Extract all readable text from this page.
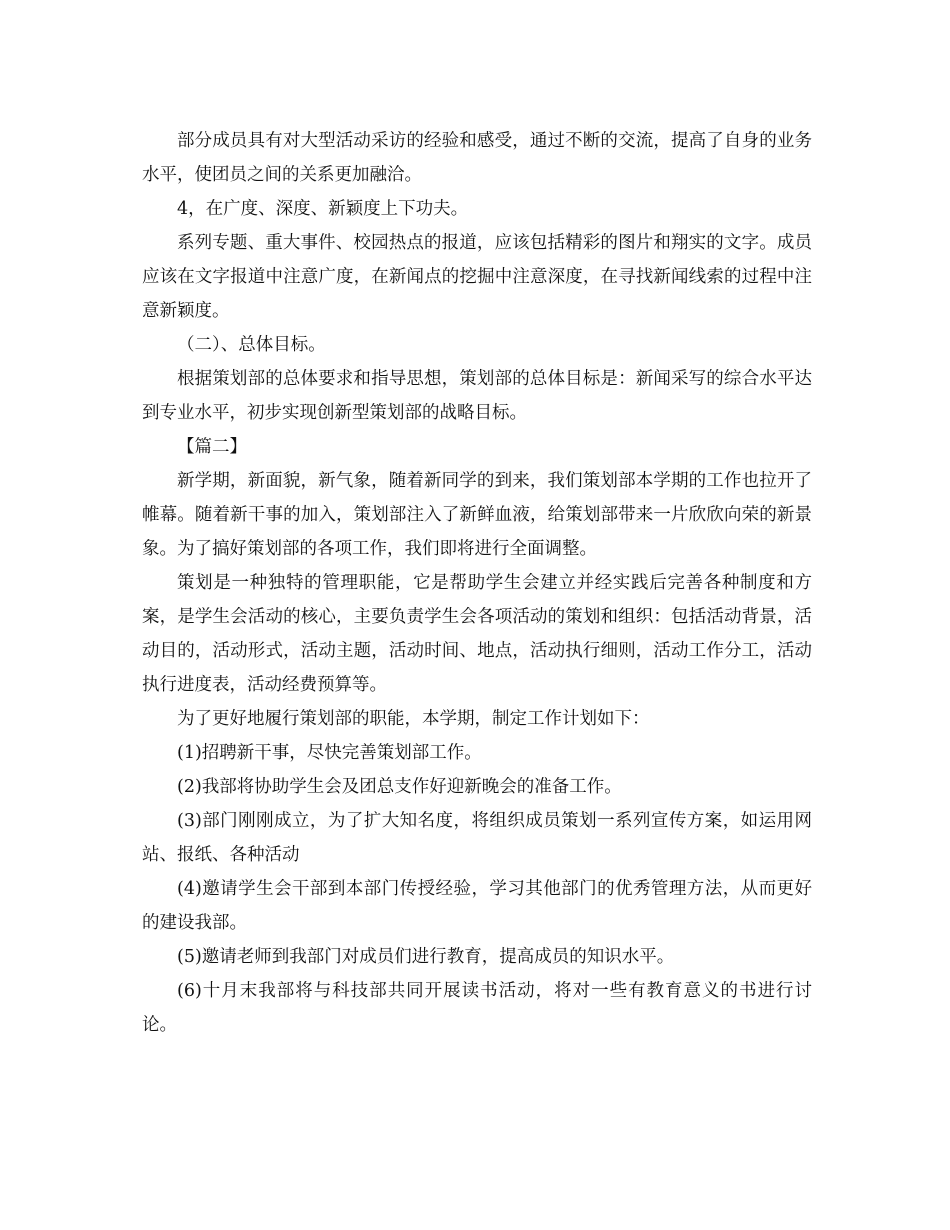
部分成员具有对大型活动采访的经验和感受，通过不断的交流，提高了自身的业务水平，使团员之间的关系更加融洽。

4，在广度、深度、新颖度上下功夫。

系列专题、重大事件、校园热点的报道，应该包括精彩的图片和翔实的文字。成员应该在文字报道中注意广度，在新闻点的挖掘中注意深度，在寻找新闻线索的过程中注意新颖度。

（二）、总体目标。

根据策划部的总体要求和指导思想，策划部的总体目标是：新闻采写的综合水平达到专业水平，初步实现创新型策划部的战略目标。

【篇二】

新学期，新面貌，新气象，随着新同学的到来，我们策划部本学期的工作也拉开了帷幕。随着新干事的加入，策划部注入了新鲜血液，给策划部带来一片欣欣向荣的新景象。为了搞好策划部的各项工作，我们即将进行全面调整。

策划是一种独特的管理职能，它是帮助学生会建立并经实践后完善各种制度和方案，是学生会活动的核心，主要负责学生会各项活动的策划和组织：包括活动背景，活动目的，活动形式，活动主题，活动时间、地点，活动执行细则，活动工作分工，活动执行进度表，活动经费预算等。

为了更好地履行策划部的职能，本学期，制定工作计划如下：

(1)招聘新干事，尽快完善策划部工作。

(2)我部将协助学生会及团总支作好迎新晚会的准备工作。

(3)部门刚刚成立，为了扩大知名度，将组织成员策划一系列宣传方案，如运用网站、报纸、各种活动

(4)邀请学生会干部到本部门传授经验，学习其他部门的优秀管理方法，从而更好的建设我部。

(5)邀请老师到我部门对成员们进行教育，提高成员的知识水平。

(6)十月末我部将与科技部共同开展读书活动，将对一些有教育意义的书进行讨论。
